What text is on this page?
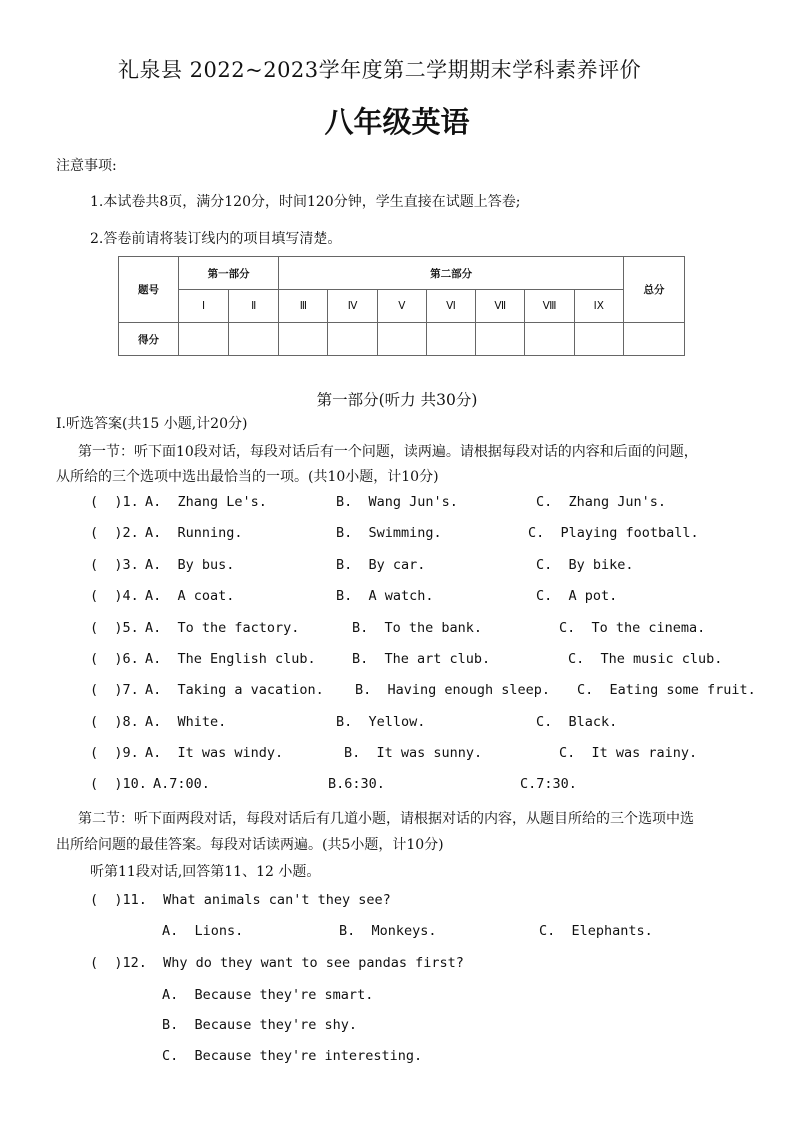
礼泉县 2022~2023学年度第二学期期末学科素养评价
八年级英语
注意事项:
1.本试卷共8页，满分120分，时间120分钟，学生直接在试题上答卷;
2.答卷前请将装订线内的项目填写清楚。
题号	第一部分		第二部分							总分
	Ⅰ	Ⅱ	Ⅲ	Ⅳ	Ⅴ	Ⅵ	Ⅶ	Ⅷ	ⅠX	
得分										
第一部分(听力 共30分)
Ⅰ.听选答案(共15 小题,计20分)
第一节：听下面10段对话，每段对话后有一个问题，读两遍。请根据每段对话的内容和后面的问题，
从所给的三个选项中选出最恰当的一项。(共10小题，计10分)
(  )1. A.  Zhang Le's.	B.  Wang Jun's.	C.  Zhang Jun's.
(  )2. A.  Running.	B.  Swimming.	C.  Playing football.
(  )3. A.  By bus.	B.  By car.	C.  By bike.
(  )4. A.  A coat.	B.  A watch.	C.  A pot.
(  )5. A.  To the factory.	B.  To the bank.	C.  To the cinema.
(  )6. A.  The English club.	B.  The art club.	C.  The music club.
(  )7. A.  Taking a vacation. B.  Having enough sleep. C.  Eating some fruit.
(  )8. A.  White.	B.  Yellow.	C.  Black.
(  )9. A.  It was windy.	B.  It was sunny.	C.  It was rainy.
(  )10. A.7:00.	B.6:30.	C.7:30.
第二节：听下面两段对话，每段对话后有几道小题，请根据对话的内容，从题目所给的三个选项中选
出所给问题的最佳答案。每段对话读两遍。(共5小题，计10分)
听第11段对话,回答第11、12 小题。
(  )11.  What animals can't they see?
A.  Lions.	B.  Monkeys.	C.  Elephants.
(  )12.  Why do they want to see pandas first?
A.  Because they're smart.
B.  Because they're shy.
C.  Because they're interesting.
